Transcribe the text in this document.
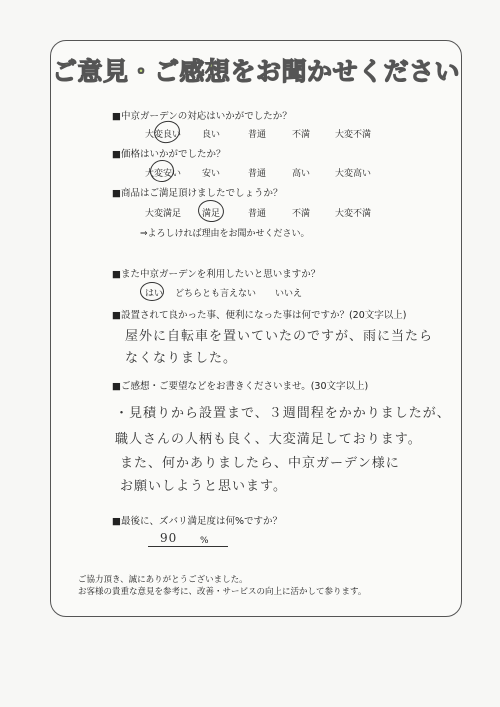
ご意見・ご感想をお聞かせください
■中京ガーデンの対応はいかがでしたか？
大変良い 良い	普通	不満	大変不満
■価格はいかがでしたか？
大変安い 安い	普通	高い	大変高い
■商品はご満足頂けましたでしょうか？
大変満足 満足	普通	不満	大変不満
⇒よろしければ理由をお聞かせください。
■また中京ガーデンを利用したいと思いますか？
はい どちらとも言えない いいえ
■設置されて良かった事、便利になった事は何ですか？(20文字以上)
屋外に自転車を置いていたのですが、雨に当たら
なくなりました。
■ご感想・ご要望などをお書きくださいませ。(30文字以上)
・見積りから設置まで、３週間程をかかりましたが、
職人さんの人柄も良く、大変満足しております。
また、何かありましたら、中京ガーデン様に
お願いしようと思います。
■最後に、ズバリ満足度は何%ですか？
90	%
ご協力頂き、誠にありがとうございました。
お客様の貴重な意見を参考に、改善・サービスの向上に活かして参ります。
